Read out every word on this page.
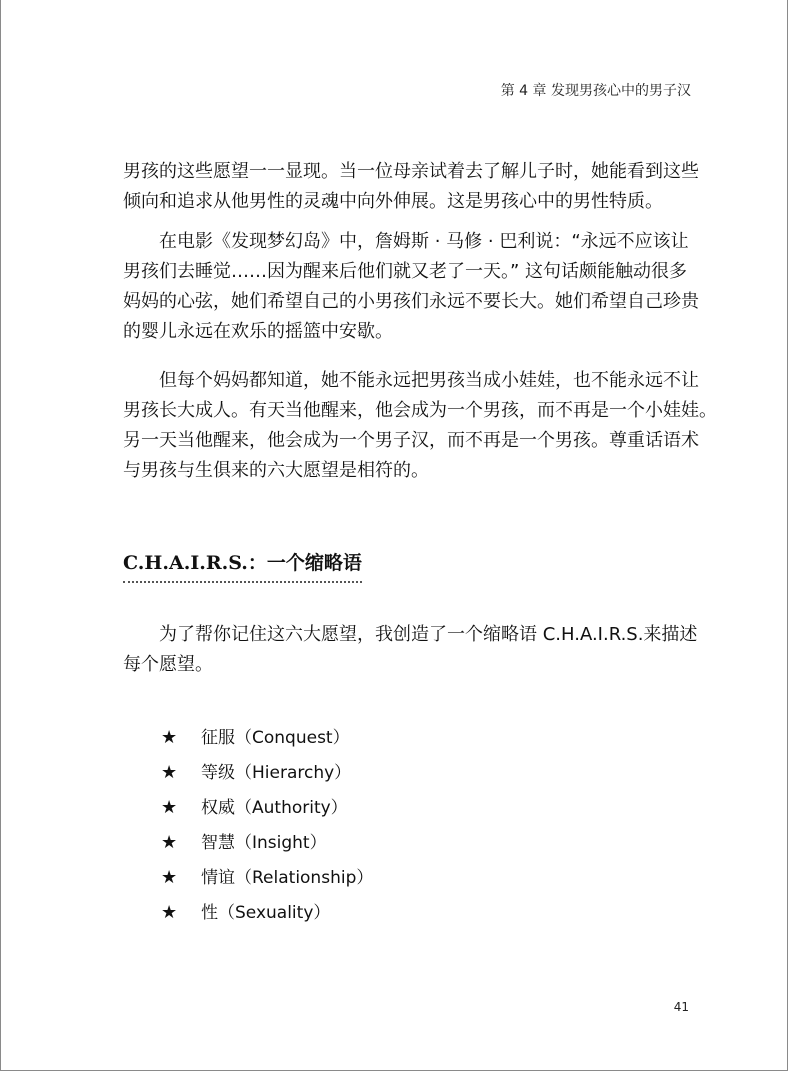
第 4 章 发现男孩心中的男子汉

男孩的这些愿望一一显现。当一位母亲试着去了解儿子时，她能看到这些
倾向和追求从他男性的灵魂中向外伸展。这是男孩心中的男性特质。

　　在电影《发现梦幻岛》中，詹姆斯 · 马修 · 巴利说：“永远不应该让
男孩们去睡觉……因为醒来后他们就又老了一天。” 这句话颇能触动很多
妈妈的心弦，她们希望自己的小男孩们永远不要长大。她们希望自己珍贵
的婴儿永远在欢乐的摇篮中安歇。

　　但每个妈妈都知道，她不能永远把男孩当成小娃娃，也不能永远不让
男孩长大成人。有天当他醒来，他会成为一个男孩，而不再是一个小娃娃。
另一天当他醒来，他会成为一个男子汉，而不再是一个男孩。尊重话语术
与男孩与生俱来的六大愿望是相符的。

C.H.A.I.R.S.：一个缩略语

　　为了帮你记住这六大愿望，我创造了一个缩略语 C.H.A.I.R.S.来描述
每个愿望。

★	征服（Conquest）
★	等级（Hierarchy）
★	权威（Authority）
★	智慧（Insight）
★	情谊（Relationship）
★	性（Sexuality）
41
